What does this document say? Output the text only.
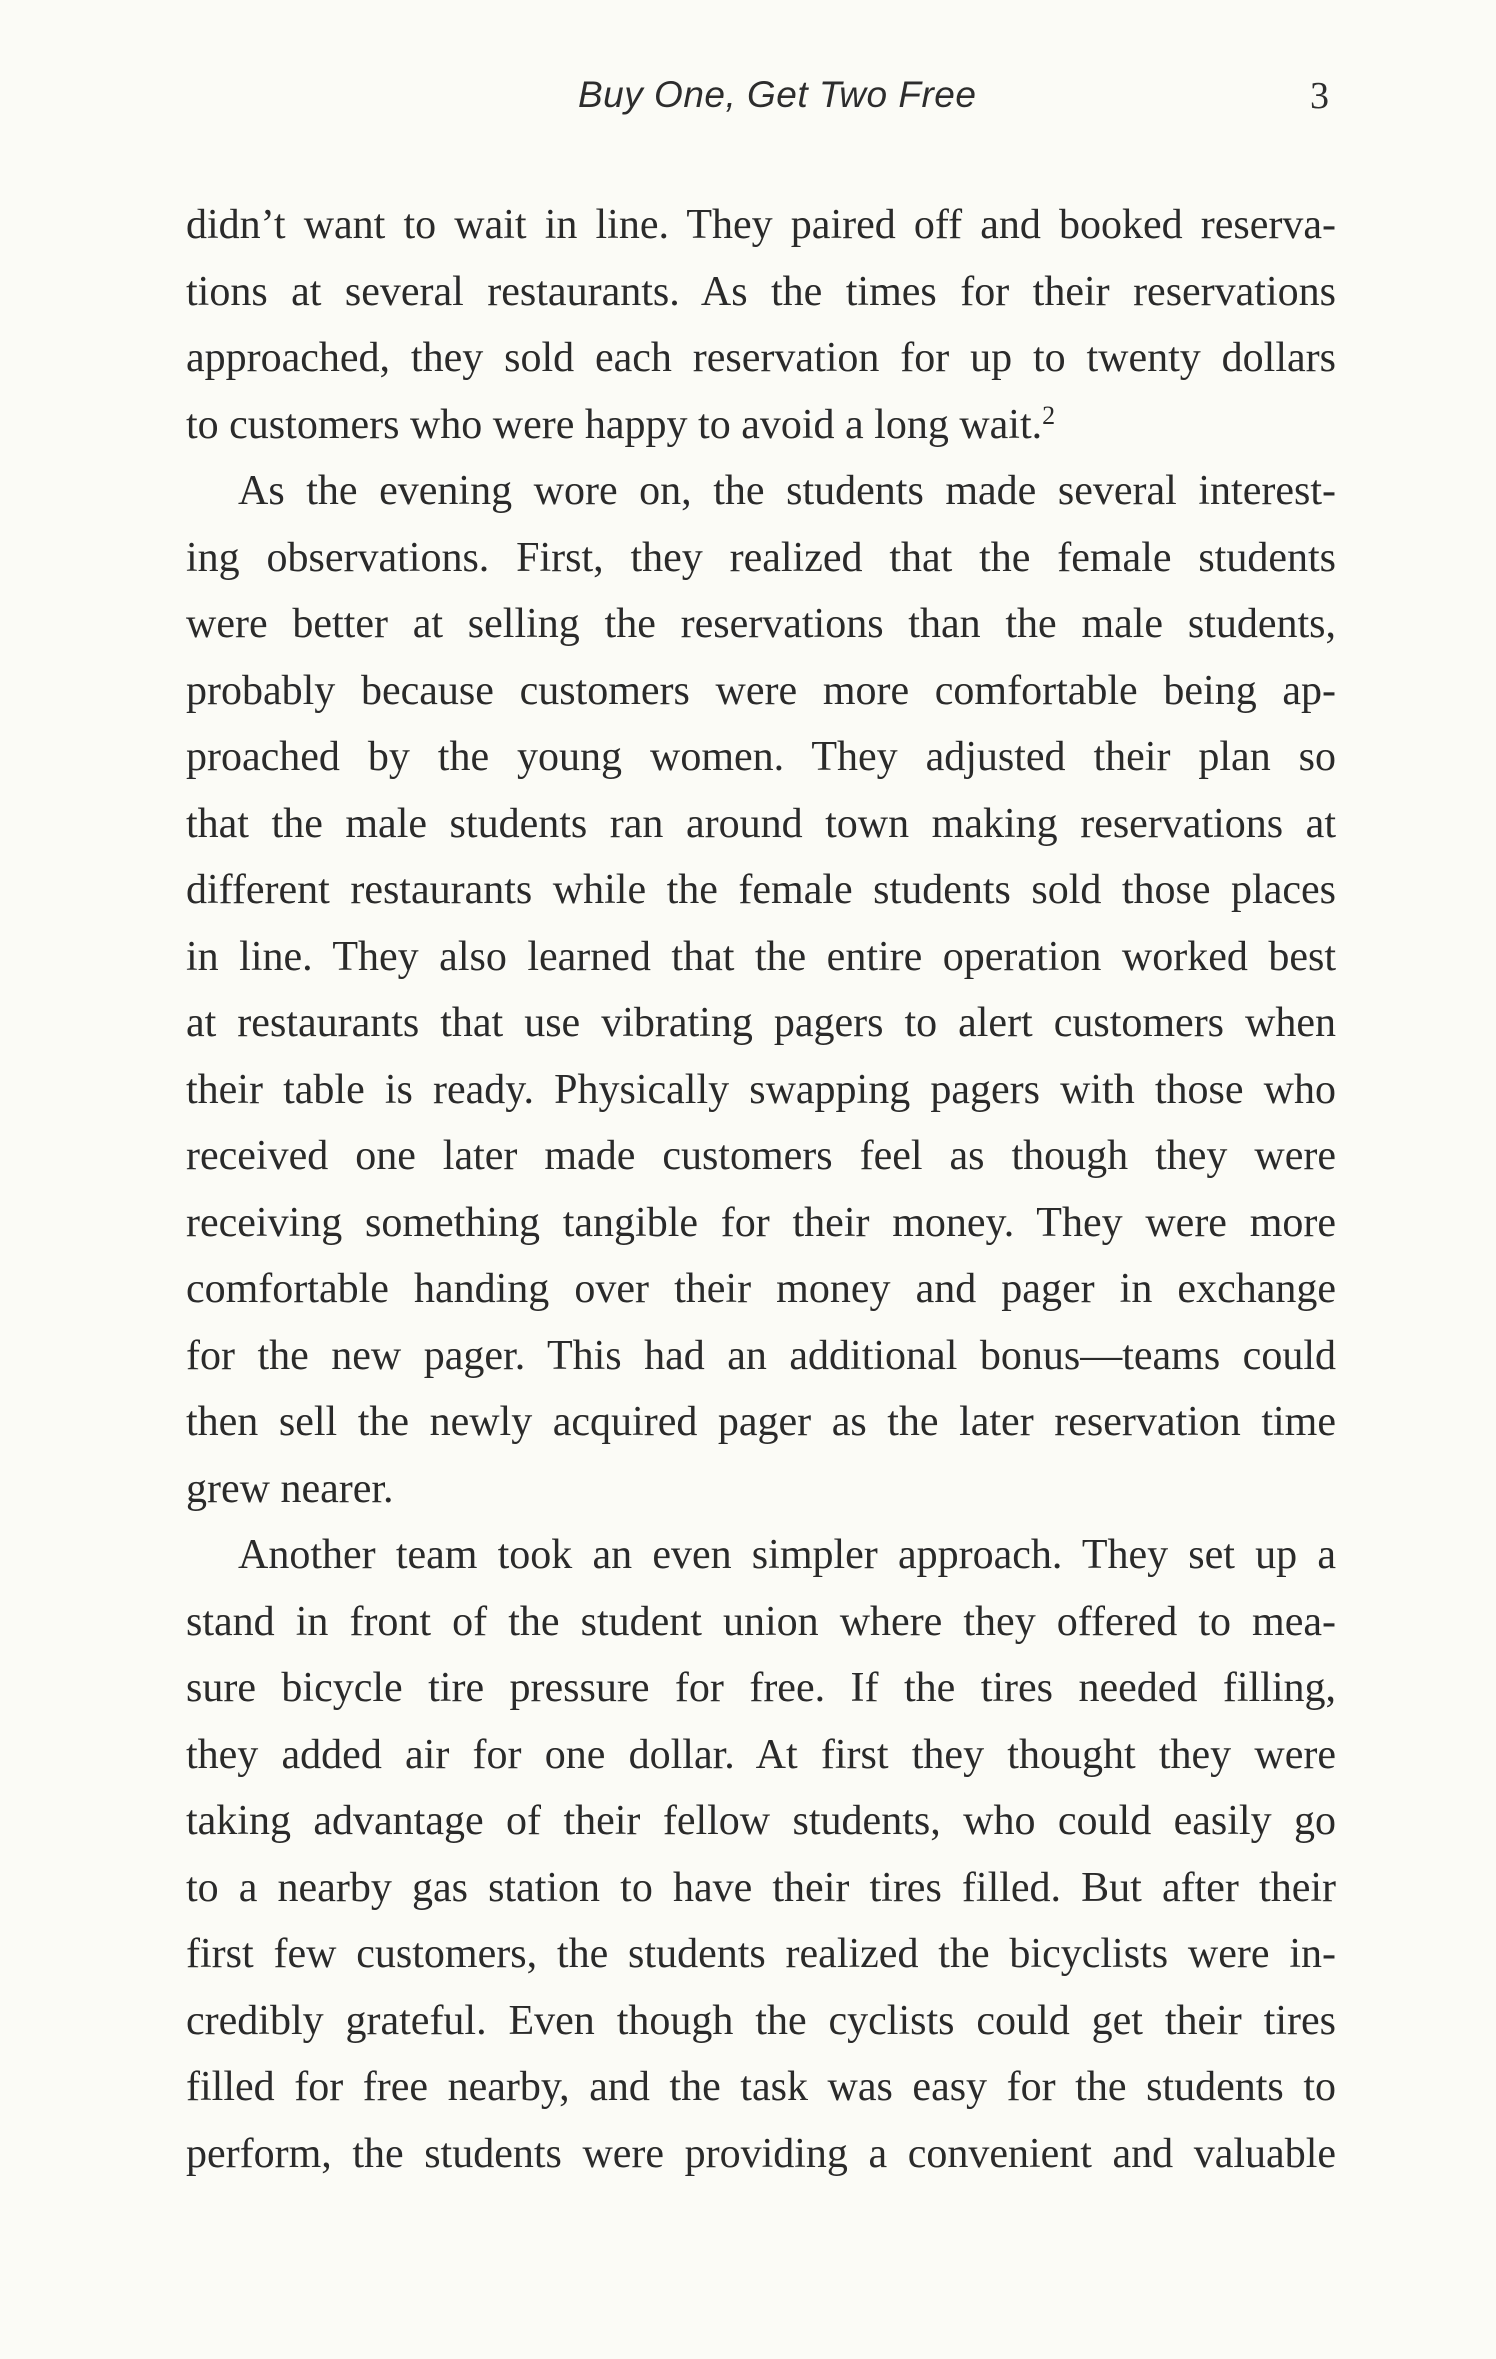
Buy One, Get Two Free	3
didn’t want to wait in line. They paired off and booked reserva-
tions at several restaurants. As the times for their reservations
approached, they sold each reservation for up to twenty dollars
to customers who were happy to avoid a long wait.$^2$
As the evening wore on, the students made several interest-
ing observations. First, they realized that the female students
were better at selling the reservations than the male students,
probably because customers were more comfortable being ap-
proached by the young women. They adjusted their plan so
that the male students ran around town making reservations at
different restaurants while the female students sold those places
in line. They also learned that the entire operation worked best
at restaurants that use vibrating pagers to alert customers when
their table is ready. Physically swapping pagers with those who
received one later made customers feel as though they were
receiving something tangible for their money. They were more
comfortable handing over their money and pager in exchange
for the new pager. This had an additional bonus—teams could
then sell the newly acquired pager as the later reservation time
grew nearer.
Another team took an even simpler approach. They set up a
stand in front of the student union where they offered to mea-
sure bicycle tire pressure for free. If the tires needed filling,
they added air for one dollar. At first they thought they were
taking advantage of their fellow students, who could easily go
to a nearby gas station to have their tires filled. But after their
first few customers, the students realized the bicyclists were in-
credibly grateful. Even though the cyclists could get their tires
filled for free nearby, and the task was easy for the students to
perform, the students were providing a convenient and valuable
